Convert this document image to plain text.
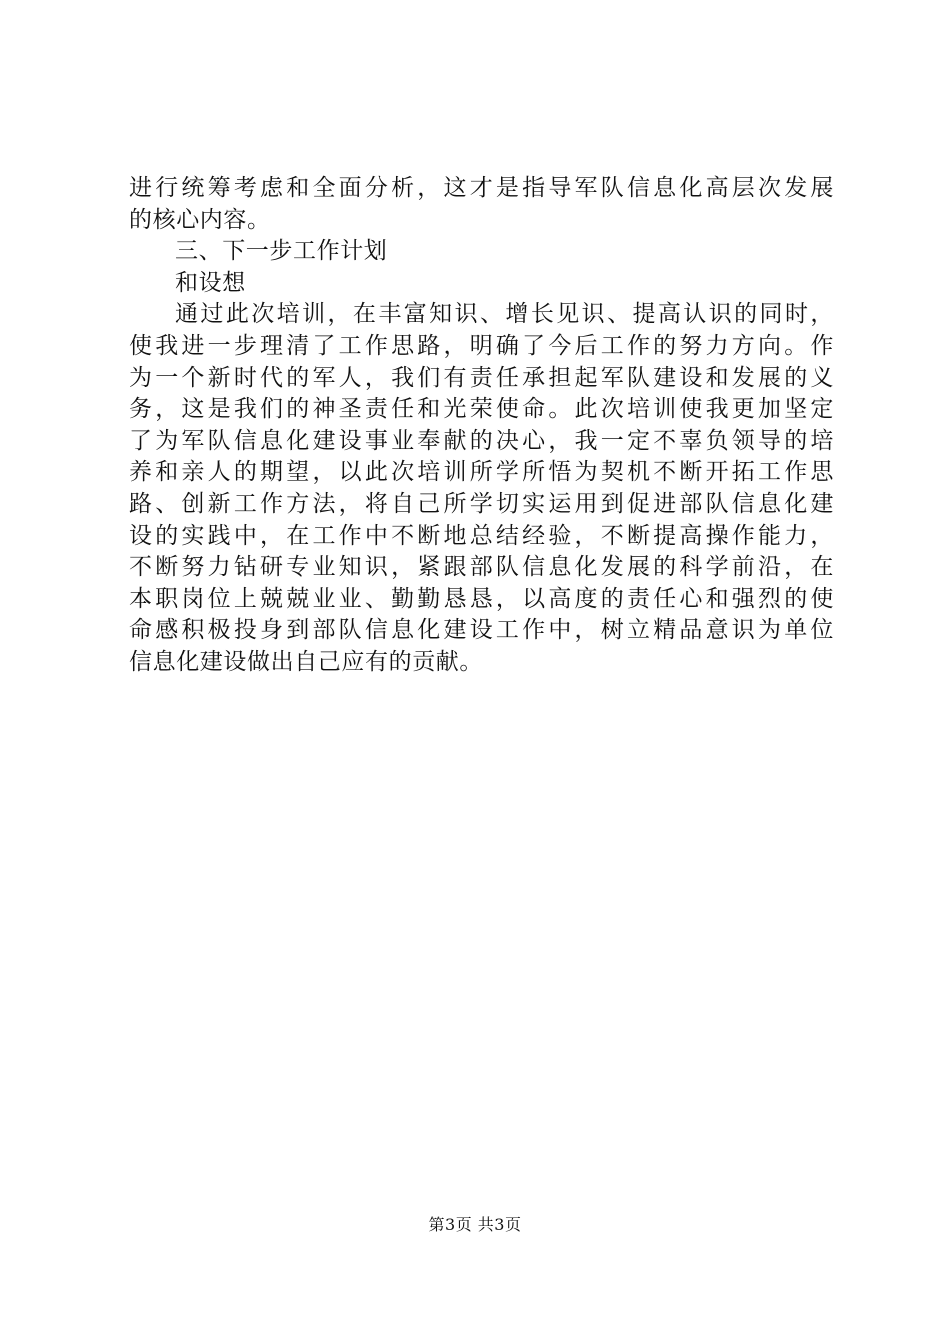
进行统筹考虑和全面分析，这才是指导军队信息化高层次发展
的核心内容。
三、下一步工作计划
和设想
通过此次培训，在丰富知识、增长见识、提高认识的同时，
使我进一步理清了工作思路，明确了今后工作的努力方向。作
为一个新时代的军人，我们有责任承担起军队建设和发展的义
务，这是我们的神圣责任和光荣使命。此次培训使我更加坚定
了为军队信息化建设事业奉献的决心，我一定不辜负领导的培
养和亲人的期望，以此次培训所学所悟为契机不断开拓工作思
路、创新工作方法，将自己所学切实运用到促进部队信息化建
设的实践中，在工作中不断地总结经验，不断提高操作能力，
不断努力钻研专业知识，紧跟部队信息化发展的科学前沿，在
本职岗位上兢兢业业、勤勤恳恳，以高度的责任心和强烈的使
命感积极投身到部队信息化建设工作中，树立精品意识为单位
信息化建设做出自己应有的贡献。
第3页 共3页
